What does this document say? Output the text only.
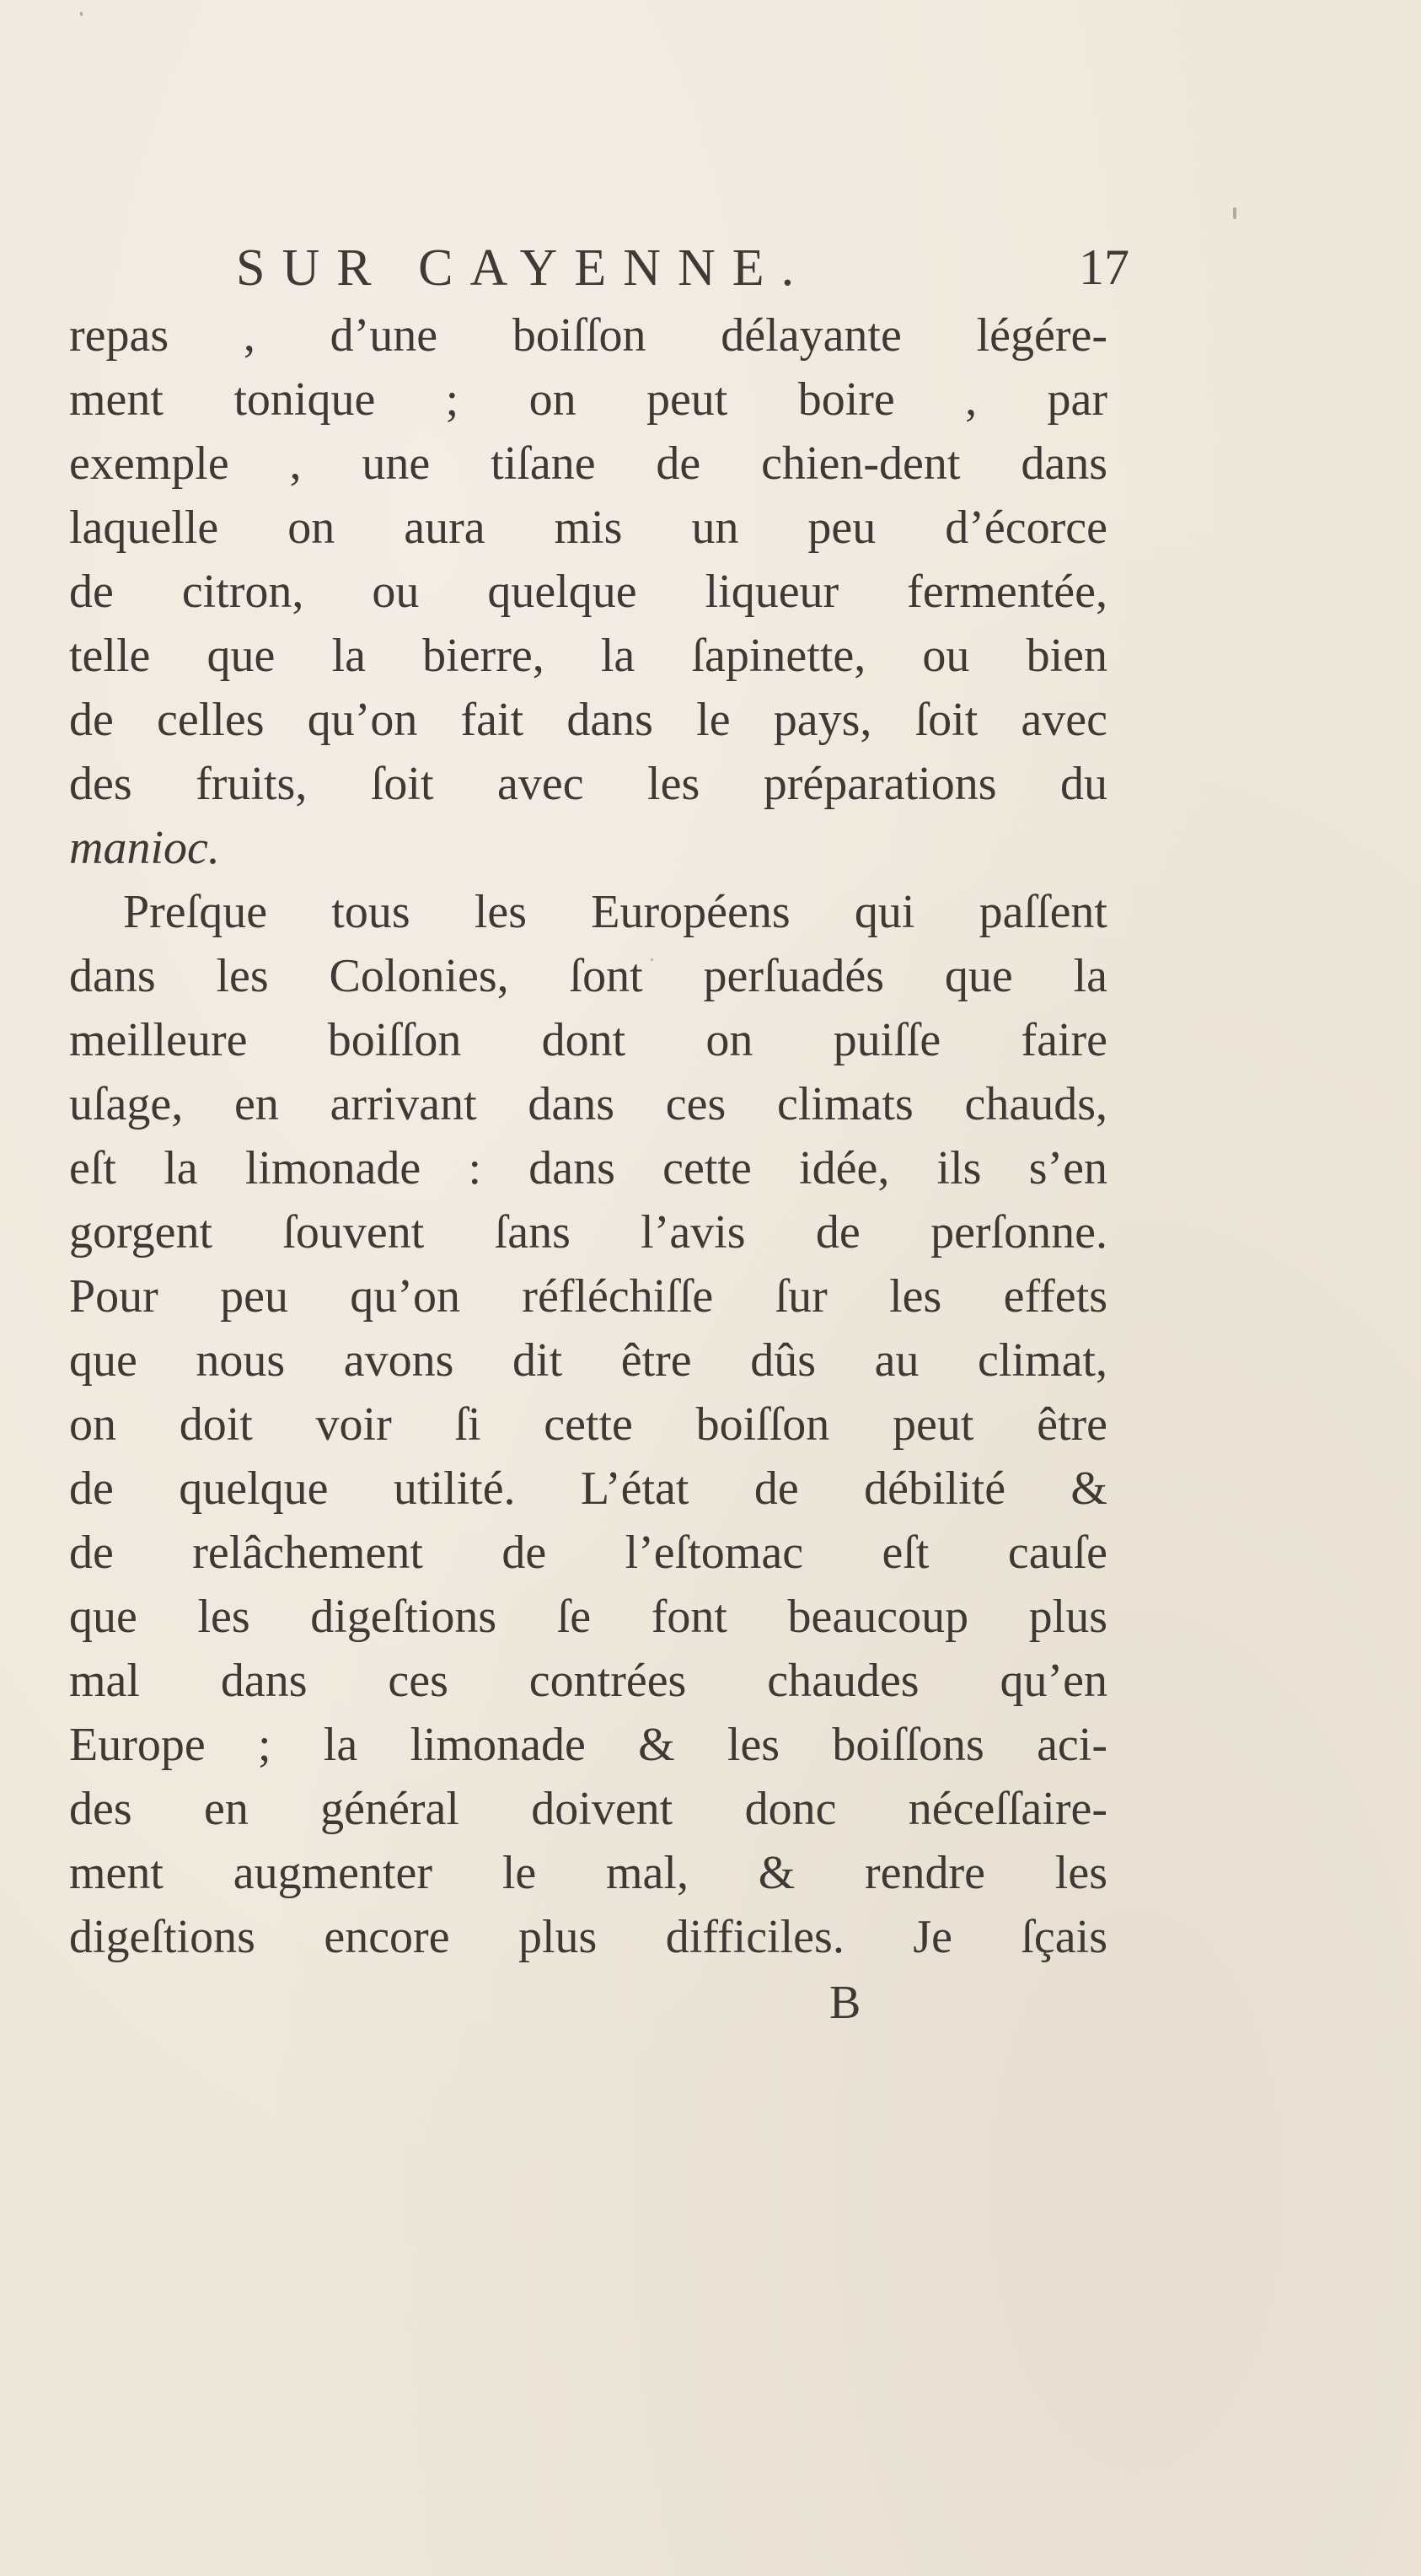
SUR CAYENNE.	17
repas , d’une boiſſon délayante légére-
ment tonique ; on peut boire , par
exemple , une tiſane de chien-dent dans
laquelle on aura mis un peu d’écorce
de citron, ou quelque liqueur fermentée,
telle que la bierre, la ſapinette, ou bien
de celles qu’on fait dans le pays, ſoit avec
des fruits, ſoit avec les préparations du
manioc.
Preſque tous les Européens qui paſſent
dans les Colonies, ſont perſuadés que la
meilleure boiſſon dont on puiſſe faire
uſage, en arrivant dans ces climats chauds,
eſt la limonade : dans cette idée, ils s’en
gorgent ſouvent ſans l’avis de perſonne.
Pour peu qu’on réfléchiſſe ſur les effets
que nous avons dit être dûs au climat,
on doit voir ſi cette boiſſon peut être
de quelque utilité. L’état de débilité &
de relâchement de l’eſtomac eſt cauſe
que les digeſtions ſe font beaucoup plus
mal dans ces contrées chaudes qu’en
Europe ; la limonade & les boiſſons aci-
des en général doivent donc néceſſaire-
ment augmenter le mal, & rendre les
digeſtions encore plus difficiles. Je ſçais
B
